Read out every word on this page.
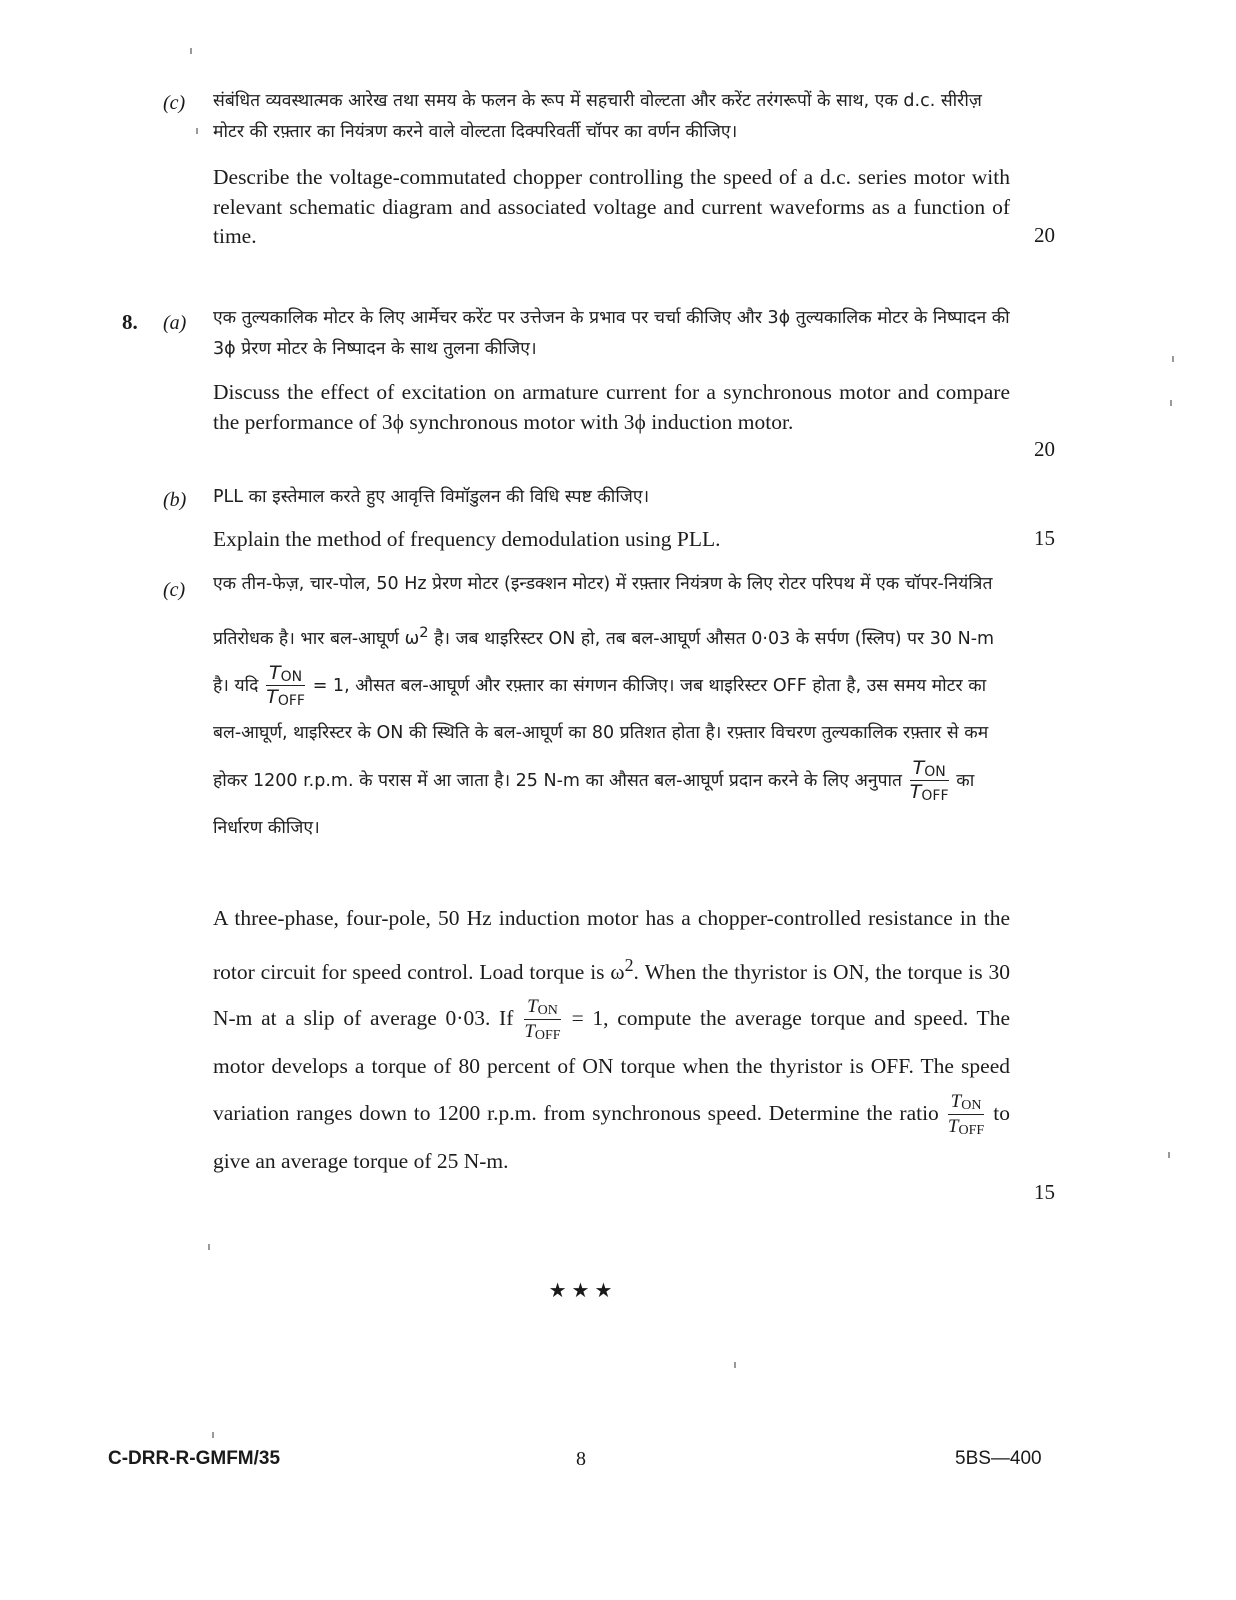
(c) संबंधित व्यवस्थात्मक आरेख तथा समय के फलन के रूप में सहचारी वोल्टता और करेंट तरंगरूपों के साथ, एक d.c. सीरीज़ मोटर की रफ़्तार का नियंत्रण करने वाले वोल्टता दिक्परिवर्ती चॉपर का वर्णन कीजिए।
Describe the voltage-commutated chopper controlling the speed of a d.c. series motor with relevant schematic diagram and associated voltage and current waveforms as a function of time.	20
8. (a) एक तुल्यकालिक मोटर के लिए आर्मेचर करेंट पर उत्तेजन के प्रभाव पर चर्चा कीजिए और 3ϕ तुल्यकालिक मोटर के निष्पादन की 3ϕ प्रेरण मोटर के निष्पादन के साथ तुलना कीजिए।
Discuss the effect of excitation on armature current for a synchronous motor and compare the performance of 3ϕ synchronous motor with 3ϕ induction motor.
20
(b) PLL का इस्तेमाल करते हुए आवृत्ति विमॉडुलन की विधि स्पष्ट कीजिए।
Explain the method of frequency demodulation using PLL.	15
(c) एक तीन-फेज़, चार-पोल, 50 Hz प्रेरण मोटर (इन्डक्शन मोटर) में रफ़्तार नियंत्रण के लिए रोटर परिपथ में एक चॉपर-नियंत्रित प्रतिरोधक है। भार बल-आघूर्ण $\omega^2$ है। जब थाइरिस्टर ON हो, तब बल-आघूर्ण औसत 0·03 के सर्पण (स्लिप) पर 30 N-m है। यदि $\frac{T_{ON}}{T_{OFF}} = 1$, औसत बल-आघूर्ण और रफ़्तार का संगणन कीजिए। जब थाइरिस्टर OFF होता है, उस समय मोटर का बल-आघूर्ण, थाइरिस्टर के ON की स्थिति के बल-आघूर्ण का 80 प्रतिशत होता है। रफ़्तार विचरण तुल्यकालिक रफ़्तार से कम होकर 1200 r.p.m. के परास में आ जाता है। 25 N-m का औसत बल-आघूर्ण प्रदान करने के लिए अनुपात $\frac{T_{ON}}{T_{OFF}}$ का निर्धारण कीजिए।
A three-phase, four-pole, 50 Hz induction motor has a chopper-controlled resistance in the rotor circuit for speed control. Load torque is $\omega^2$. When the thyristor is ON, the torque is 30 N-m at a slip of average 0·03. If $\frac{T_{ON}}{T_{OFF}} = 1$, compute the average torque and speed. The motor develops a torque of 80 percent of ON torque when the thyristor is OFF. The speed variation ranges down to 1200 r.p.m. from synchronous speed. Determine the ratio $\frac{T_{ON}}{T_{OFF}}$ to give an average torque of 25 N-m.
15
★★★
C-DRR-R-GMFM/35	8	5BS—400
